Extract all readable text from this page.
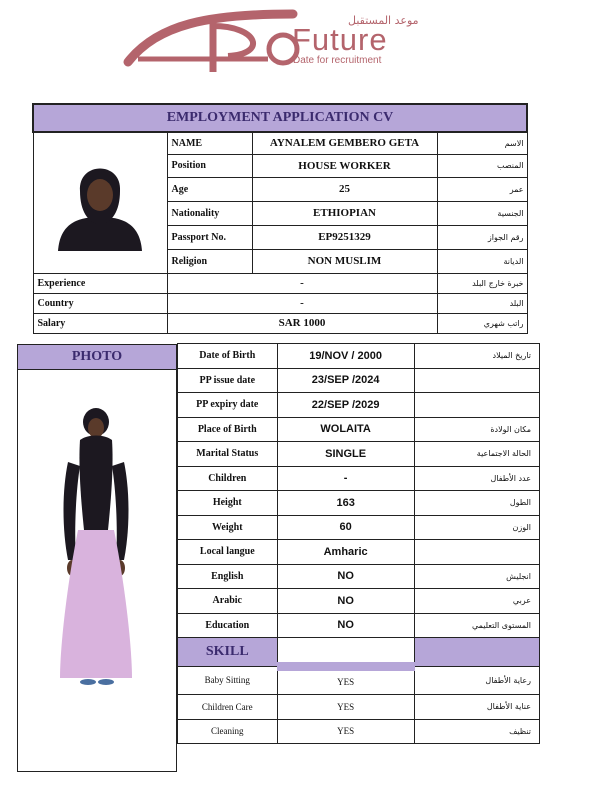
موعد المستقبل
Future
Date for recruitment
EMPLOYMENT APPLICATION CV			
	NAME	AYNALEM GEMBERO GETA	الاسم
	Position	HOUSE WORKER	المنصب
	Age	25	عمر
	Nationality	ETHIOPIAN	الجنسية
	Passport No.	EP9251329	رقم الجواز
	Religion	NON MUSLIM	الديانة
Experience	-		خبرة خارج البلد
Country	-		البلد
Salary	SAR 1000		راتب شهري
PHOTO	Date of Birth	19/NOV / 2000	تاريخ الميلاد
PP issue date	23/SEP /2024	
PP expiry date	22/SEP /2029	
Place of Birth	WOLAITA	مكان الولادة
Marital Status	SINGLE	الحالة الاجتماعية
Children	-	عدد الأطفال
Height	163	الطول
Weight	60	الوزن
Local langue	Amharic	
English	NO	انجليش
Arabic	NO	عربي
Education	NO	المستوى التعليمي
SKILL		
Baby Sitting	YES	رعاية الأطفال
Children Care	YES	عناية الأطفال
Cleaning	YES	تنظيف
